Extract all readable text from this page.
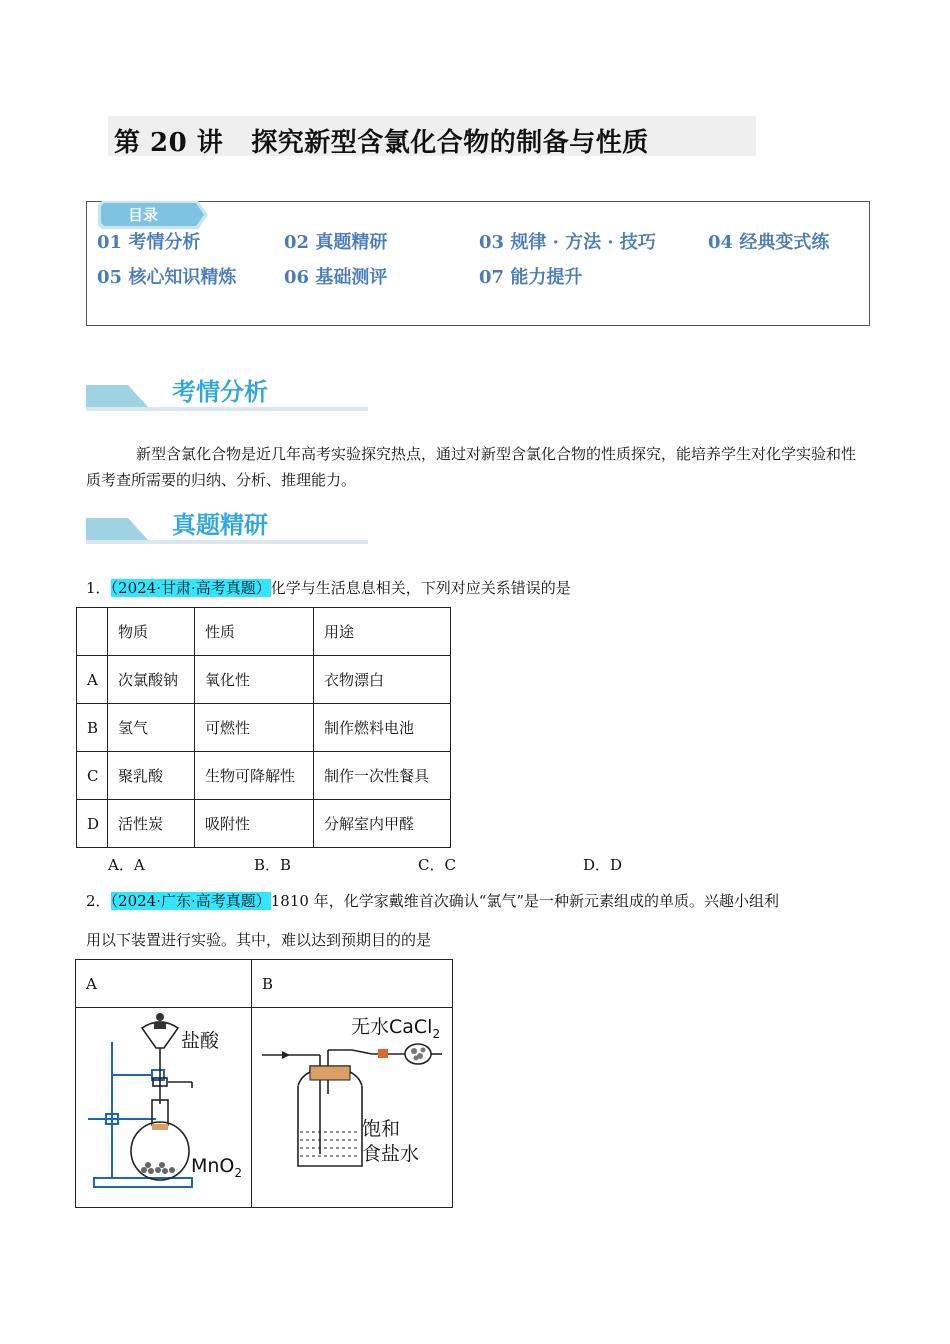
第 20 讲 探究新型含氯化合物的制备与性质
目录
01 考情分析	02 真题精研	03 规律 · 方法 · 技巧	04 经典变式练
05 核心知识精炼	06 基础测评	07 能力提升
考情分析
新型含氯化合物是近几年高考实验探究热点，通过对新型含氯化合物的性质探究，能培养学生对化学实验和性质考查所需要的归纳、分析、推理能力。
真题精研
1．（2024·甘肃·高考真题）化学与生活息息相关，下列对应关系错误的是
	物质	性质	用途
A	次氯酸钠	氧化性	衣物漂白
B	氢气	可燃性	制作燃料电池
C	聚乳酸	生物可降解性	制作一次性餐具
D	活性炭	吸附性	分解室内甲醛
A．A	B．B	C．C	D．D
2．（2024·广东·高考真题）1810 年，化学家戴维首次确认“氯气”是一种新元素组成的单质。兴趣小组利
用以下装置进行实验。其中，难以达到预期目的的是
A	B

盐酸
MnO$_2$
无水CaCl$_2$
饱和
食盐水
